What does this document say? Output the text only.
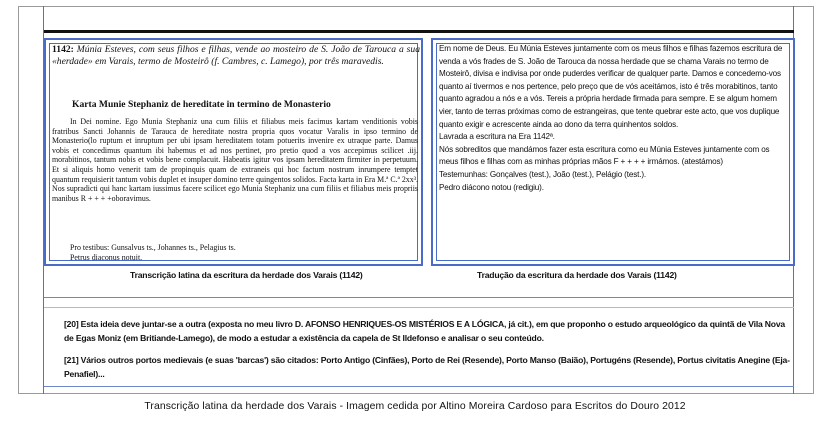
1142: Múnia Esteves, com seus filhos e filhas, vende ao mosteiro de S. João de Tarouca a sua «herdade» em Varais, termo de Mosteirô (f. Cambres, c. Lamego), por três maravedis.
Karta Munie Stephaniz de hereditate in termino de Monasterio
In Dei nomine. Ego Munia Stephaniz una cum filiis et filiabus meis facimus kartam venditionis vobis fratribus Sancti Johannis de Tarauca de hereditate nostra propria quos vocatur Varalis in ipso termino de Monasterio(lo ruptum et inruptum per ubi ipsam hereditatem totam potuerits invenire ex utraque parte. Damus vobis et concedimus quantum ibi habemus et ad nos pertinet, pro pretio quod a vos accepimus scilicet .iij. morabitinos, tantum nobis et vobis bene complacuit. Habeatis igitur vos ipsam hereditatem firmiter in perpetuum. Et si aliquis homo venerit tam de propinquis quam de extraneis qui hoc factum nostrum inrumpere temptet quantum requisierit tantum vobis duplet et insuper domino terre quingentos solidos. Facta karta in Era M.ª C.ª 2xx³. Nos supradicti qui hanc kartam iussimus facere scilicet ego Munia Stephaniz una cum filiis et filiabus meis propriis manibus R + + + +oboravimus.
Pro testibus: Gunsalvus ts., Johannes ts., Pelagius ts.
Petrus diaconus notuit.

Em nome de Deus. Eu Múnia Esteves juntamente com os meus filhos e filhas fazemos escritura de venda a vós frades de S. João de Tarouca da nossa herdade que se chama Varais no termo de Mosteirô, divisa e indivisa por onde puderdes verificar de qualquer parte. Damos e concedemo-vos quanto aí tivermos e nos pertence, pelo preço que de vós aceitámos, isto é três morabitinos, tanto quanto agradou a nós e a vós. Tereis a própria herdade firmada para sempre. E se algum homem vier, tanto de terras próximas como de estrangeiras, que tente quebrar este acto, que vos duplique quanto exigir e acrescente ainda ao dono da terra quinhentos soldos.

Lavrada a escritura na Era 1142ª.

Nós sobreditos que mandámos fazer esta escritura como eu Múnia Esteves juntamente com os meus filhos e filhas com as minhas próprias mãos F + + + + irmámos. (atestámos)

Testemunhas: Gonçalves (test.), João (test.), Pelágio (test.).

Pedro diácono notou (redigiu).

Transcrição latina da escritura da herdade dos Varais (1142)	Tradução da escritura da herdade dos Varais (1142)
[20] Esta ideia deve juntar-se a outra (exposta no meu livro D. AFONSO HENRIQUES-OS MISTÉRIOS E A LÓGICA, já cit.), em que proponho o estudo arqueológico da quintã de Vila Nova de Egas Moniz (em Britiande-Lamego), de modo a estudar a existência da capela de St Ildefonso e analisar o seu conteúdo.
[21] Vários outros portos medievais (e suas 'barcas') são citados: Porto Antigo (Cinfães), Porto de Rei (Resende), Porto Manso (Baião), Portugéns (Resende), Portus civitatis Anegine (Eja-Penafiel)...
Transcrição latina da herdade dos Varais - Imagem cedida por Altino Moreira Cardoso para Escritos do Douro 2012
